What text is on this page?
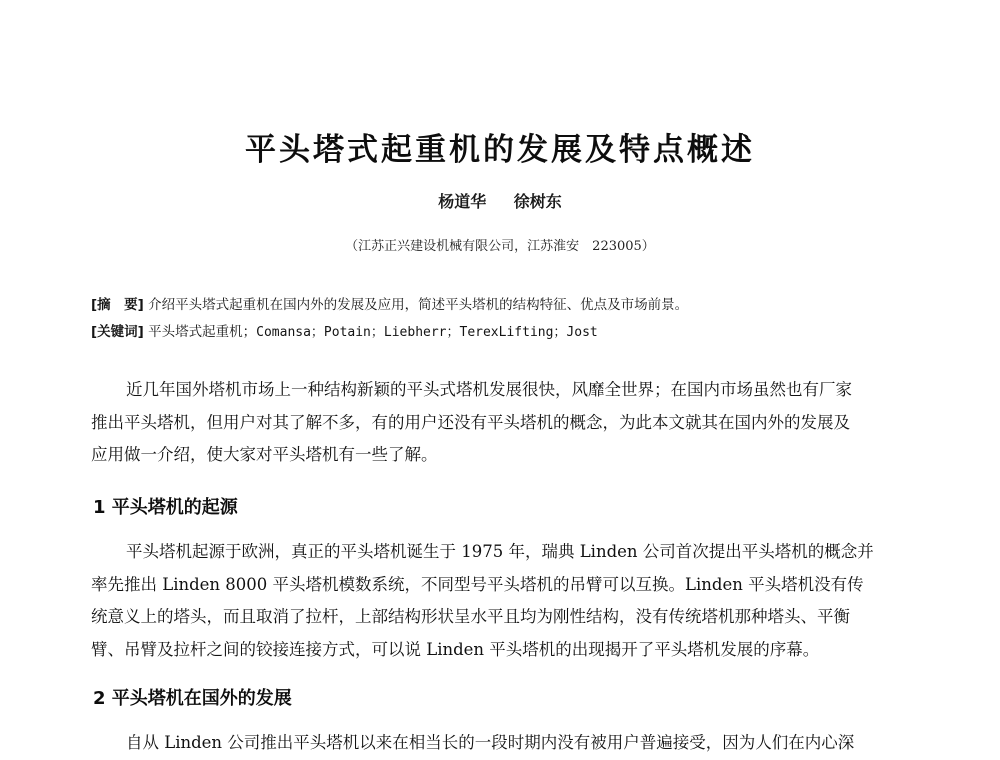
平头塔式起重机的发展及特点概述
杨道华 徐树东
（江苏正兴建设机械有限公司，江苏淮安　223005）
[摘　要] 介绍平头塔式起重机在国内外的发展及应用，简述平头塔机的结构特征、优点及市场前景。
[关键词] 平头塔式起重机；Comansa；Potain；Liebherr；TerexLifting；Jost
近几年国外塔机市场上一种结构新颖的平头式塔机发展很快，风靡全世界；在国内市场虽然也有厂家
推出平头塔机，但用户对其了解不多，有的用户还没有平头塔机的概念，为此本文就其在国内外的发展及
应用做一介绍，使大家对平头塔机有一些了解。
1 平头塔机的起源
平头塔机起源于欧洲，真正的平头塔机诞生于 1975 年，瑞典 Linden 公司首次提出平头塔机的概念并
率先推出 Linden 8000 平头塔机模数系统，不同型号平头塔机的吊臂可以互换。Linden 平头塔机没有传
统意义上的塔头，而且取消了拉杆，上部结构形状呈水平且均为刚性结构，没有传统塔机那种塔头、平衡
臂、吊臂及拉杆之间的铰接连接方式，可以说 Linden 平头塔机的出现揭开了平头塔机发展的序幕。
2 平头塔机在国外的发展
自从 Linden 公司推出平头塔机以来在相当长的一段时期内没有被用户普遍接受，因为人们在内心深
